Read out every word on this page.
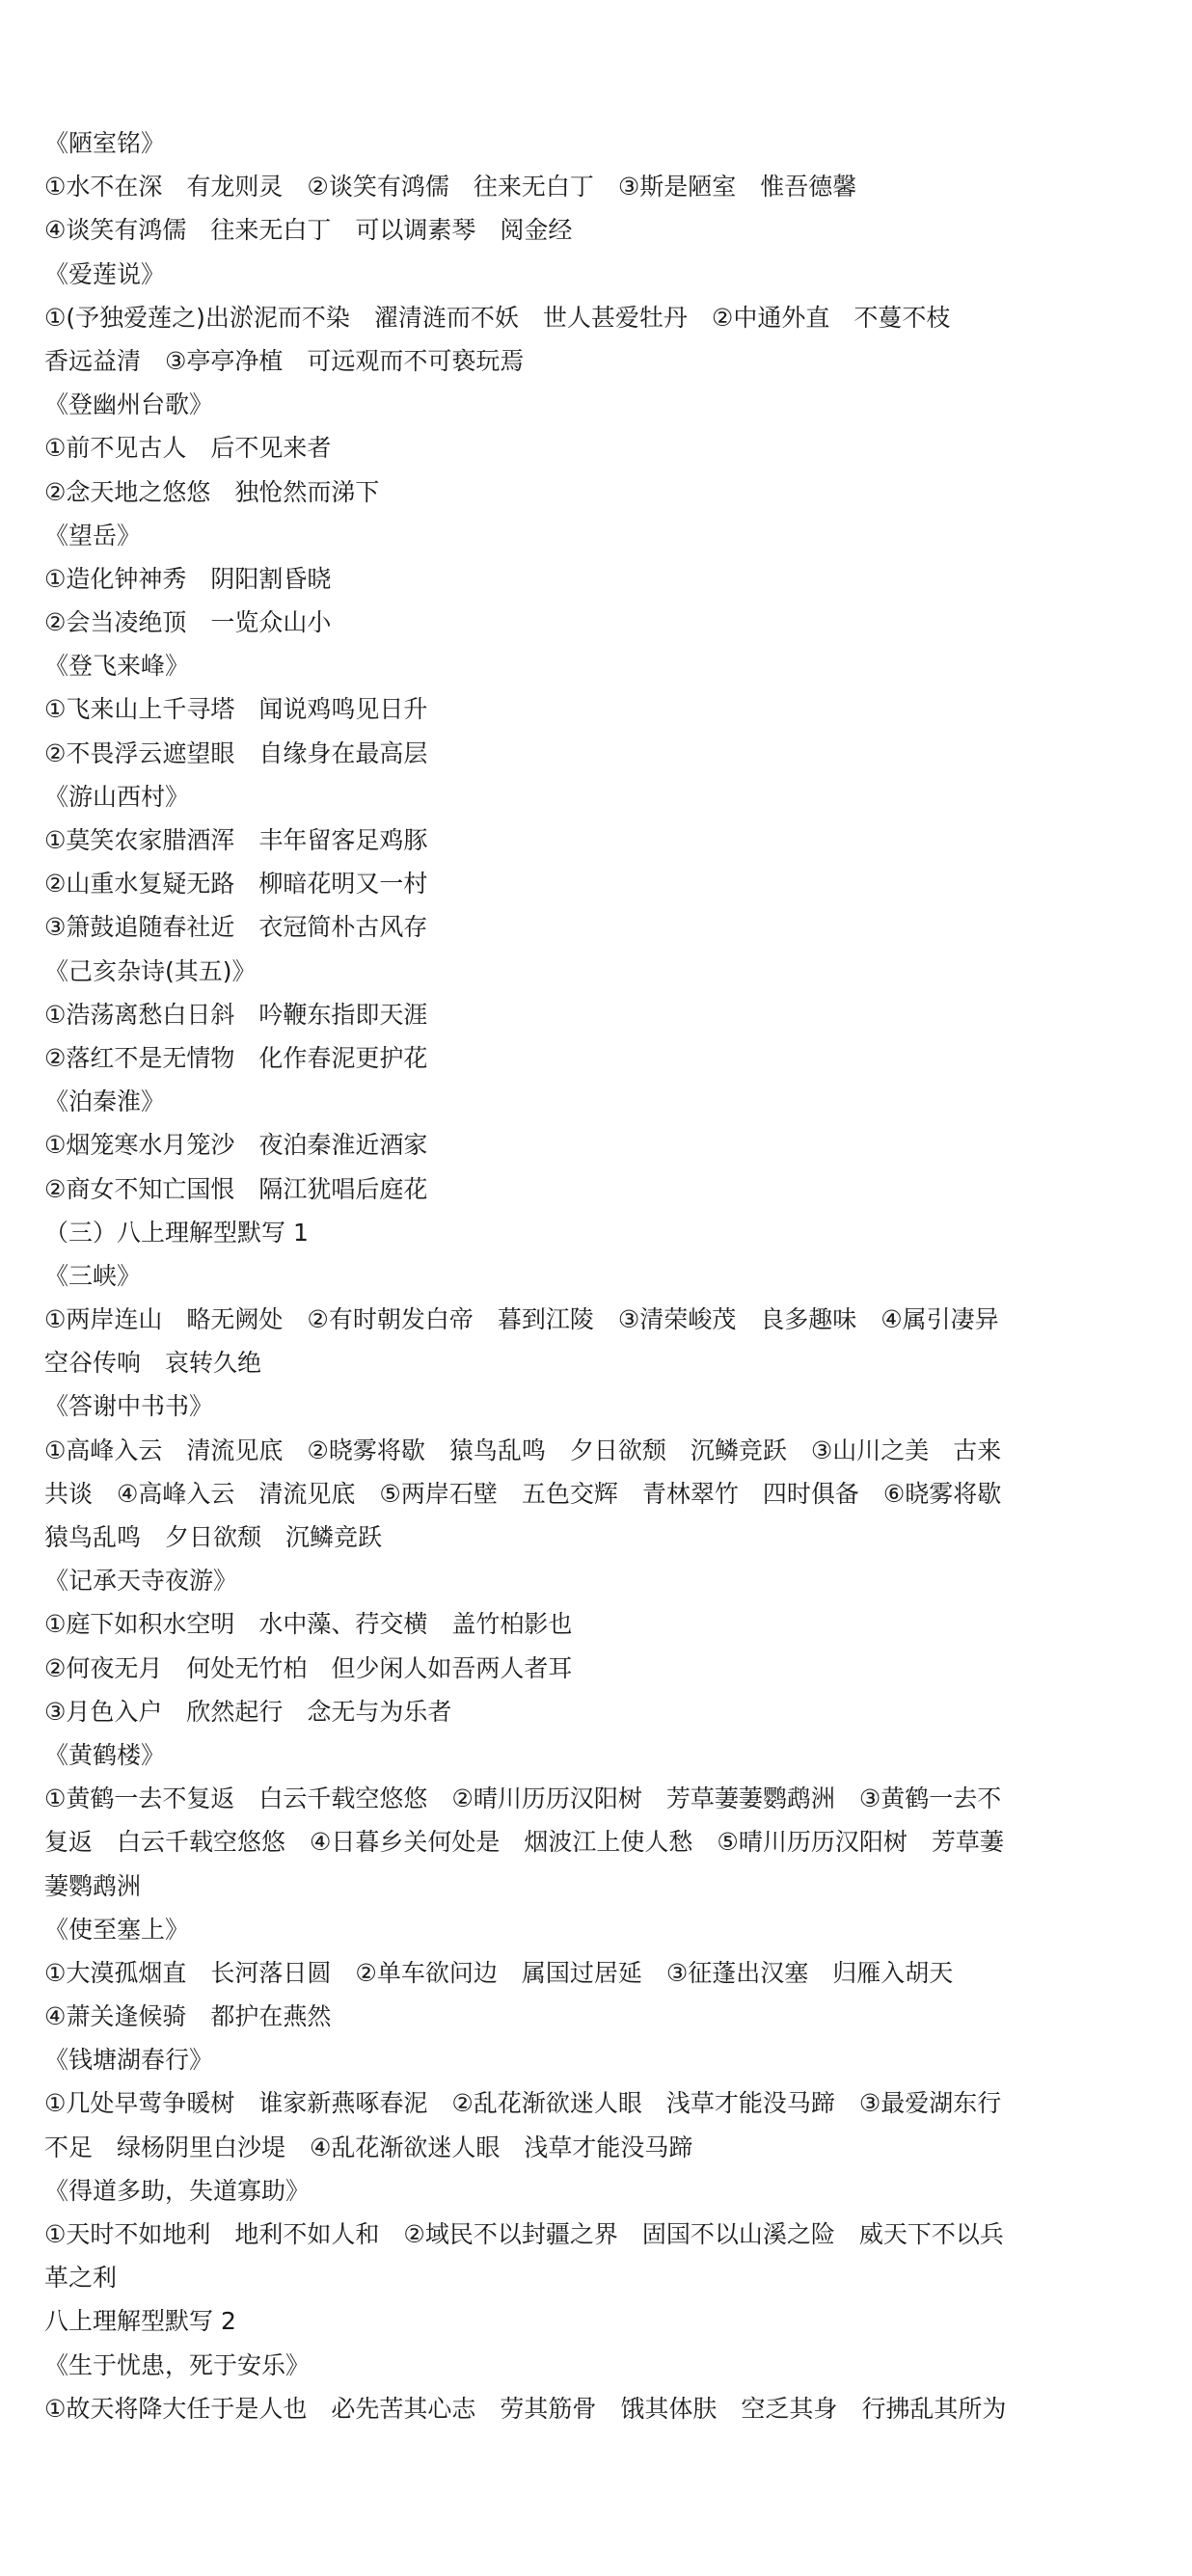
《陋室铭》
①水不在深　有龙则灵　②谈笑有鸿儒　往来无白丁　③斯是陋室　惟吾德馨
④谈笑有鸿儒　往来无白丁　可以调素琴　阅金经
《爱莲说》
①(予独爱莲之)出淤泥而不染　濯清涟而不妖　世人甚爱牡丹　②中通外直　不蔓不枝
香远益清　③亭亭净植　可远观而不可亵玩焉
《登幽州台歌》
①前不见古人　后不见来者
②念天地之悠悠　独怆然而涕下
《望岳》
①造化钟神秀　阴阳割昏晓
②会当凌绝顶　一览众山小
《登飞来峰》
①飞来山上千寻塔　闻说鸡鸣见日升
②不畏浮云遮望眼　自缘身在最高层
《游山西村》
①莫笑农家腊酒浑　丰年留客足鸡豚
②山重水复疑无路　柳暗花明又一村
③箫鼓追随春社近　衣冠简朴古风存
《己亥杂诗(其五)》
①浩荡离愁白日斜　吟鞭东指即天涯
②落红不是无情物　化作春泥更护花
《泊秦淮》
①烟笼寒水月笼沙　夜泊秦淮近酒家
②商女不知亡国恨　隔江犹唱后庭花
（三）八上理解型默写 1
《三峡》
①两岸连山　略无阙处　②有时朝发白帝　暮到江陵　③清荣峻茂　良多趣味　④属引凄异
空谷传响　哀转久绝
《答谢中书书》
①高峰入云　清流见底　②晓雾将歇　猿鸟乱鸣　夕日欲颓　沉鳞竞跃　③山川之美　古来
共谈　④高峰入云　清流见底　⑤两岸石壁　五色交辉　青林翠竹　四时俱备　⑥晓雾将歇
猿鸟乱鸣　夕日欲颓　沉鳞竞跃
《记承天寺夜游》
①庭下如积水空明　水中藻、荇交横　盖竹柏影也
②何夜无月　何处无竹柏　但少闲人如吾两人者耳
③月色入户　欣然起行　念无与为乐者
《黄鹤楼》
①黄鹤一去不复返　白云千载空悠悠　②晴川历历汉阳树　芳草萋萋鹦鹉洲　③黄鹤一去不
复返　白云千载空悠悠　④日暮乡关何处是　烟波江上使人愁　⑤晴川历历汉阳树　芳草萋
萋鹦鹉洲
《使至塞上》
①大漠孤烟直　长河落日圆　②单车欲问边　属国过居延　③征蓬出汉塞　归雁入胡天
④萧关逢候骑　都护在燕然
《钱塘湖春行》
①几处早莺争暖树　谁家新燕啄春泥　②乱花渐欲迷人眼　浅草才能没马蹄　③最爱湖东行
不足　绿杨阴里白沙堤　④乱花渐欲迷人眼　浅草才能没马蹄
《得道多助，失道寡助》
①天时不如地利　地利不如人和　②域民不以封疆之界　固国不以山溪之险　威天下不以兵
革之利
八上理解型默写 2
《生于忧患，死于安乐》
①故天将降大任于是人也　必先苦其心志　劳其筋骨　饿其体肤　空乏其身　行拂乱其所为
